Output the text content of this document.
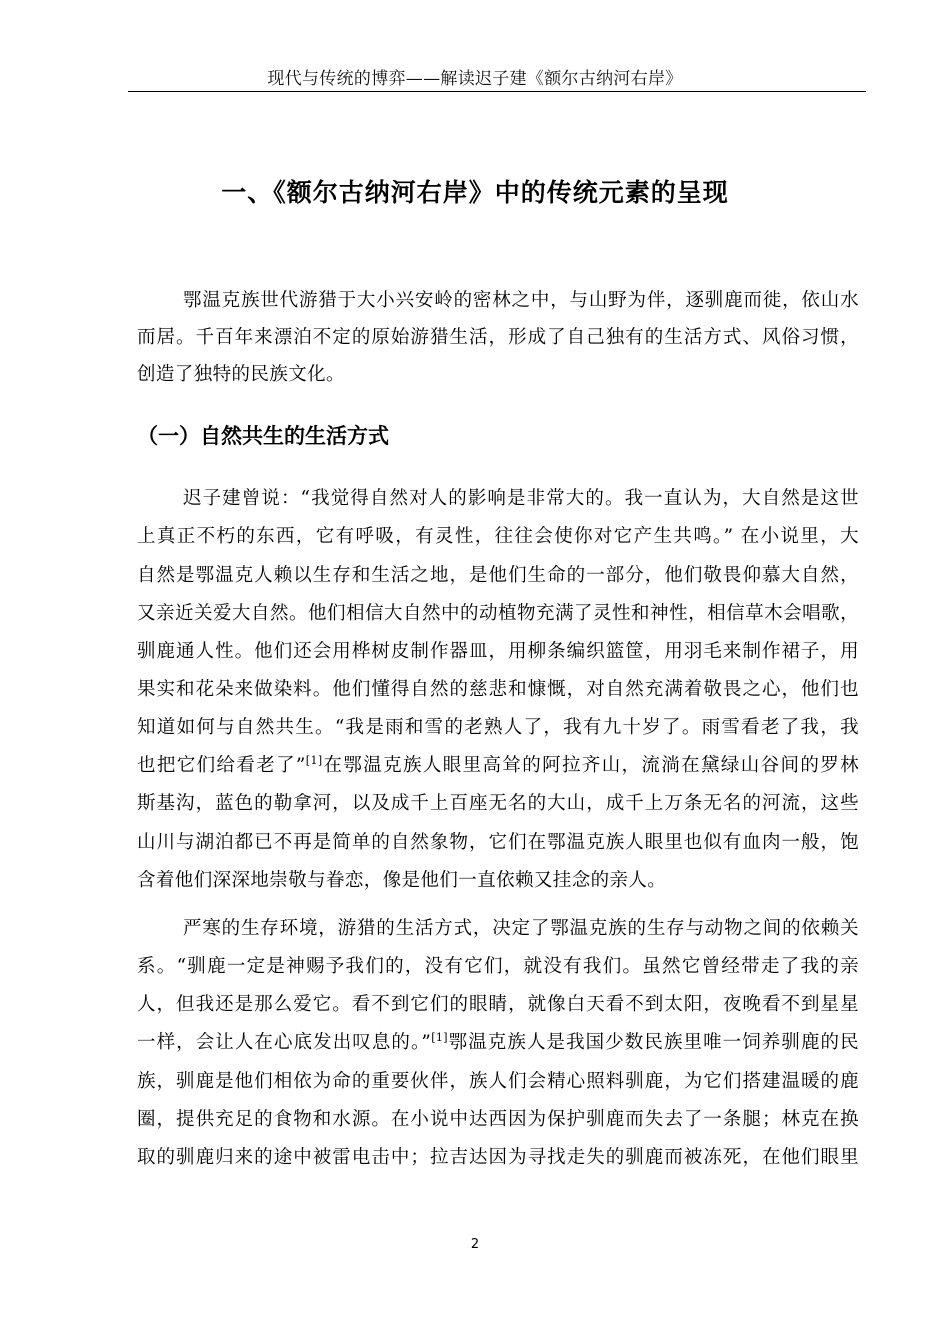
现代与传统的博弈——解读迟子建《额尔古纳河右岸》
一、《额尔古纳河右岸》中的传统元素的呈现
鄂温克族世代游猎于大小兴安岭的密林之中，与山野为伴，逐驯鹿而徙，依山水
而居。千百年来漂泊不定的原始游猎生活，形成了自己独有的生活方式、风俗习惯，
创造了独特的民族文化。
（一）自然共生的生活方式
迟子建曾说：“我觉得自然对人的影响是非常大的。我一直认为，大自然是这世
上真正不朽的东西，它有呼吸，有灵性，往往会使你对它产生共鸣。” 在小说里，大
自然是鄂温克人赖以生存和生活之地，是他们生命的一部分，他们敬畏仰慕大自然，
又亲近关爱大自然。他们相信大自然中的动植物充满了灵性和神性，相信草木会唱歌，
驯鹿通人性。他们还会用桦树皮制作器皿，用柳条编织篮筐，用羽毛来制作裙子，用
果实和花朵来做染料。他们懂得自然的慈悲和慷慨，对自然充满着敬畏之心，他们也
知道如何与自然共生。“我是雨和雪的老熟人了，我有九十岁了。雨雪看老了我，我
也把它们给看老了”[1]在鄂温克族人眼里高耸的阿拉齐山，流淌在黛绿山谷间的罗林
斯基沟，蓝色的勒拿河，以及成千上百座无名的大山，成千上万条无名的河流，这些
山川与湖泊都已不再是简单的自然象物，它们在鄂温克族人眼里也似有血肉一般，饱
含着他们深深地崇敬与眷恋，像是他们一直依赖又挂念的亲人。
严寒的生存环境，游猎的生活方式，决定了鄂温克族的生存与动物之间的依赖关
系。“驯鹿一定是神赐予我们的，没有它们，就没有我们。虽然它曾经带走了我的亲
人，但我还是那么爱它。看不到它们的眼睛，就像白天看不到太阳，夜晚看不到星星
一样，会让人在心底发出叹息的。”[1]鄂温克族人是我国少数民族里唯一饲养驯鹿的民
族，驯鹿是他们相依为命的重要伙伴，族人们会精心照料驯鹿，为它们搭建温暖的鹿
圈，提供充足的食物和水源。在小说中达西因为保护驯鹿而失去了一条腿；林克在换
取的驯鹿归来的途中被雷电击中；拉吉达因为寻找走失的驯鹿而被冻死，在他们眼里
2
